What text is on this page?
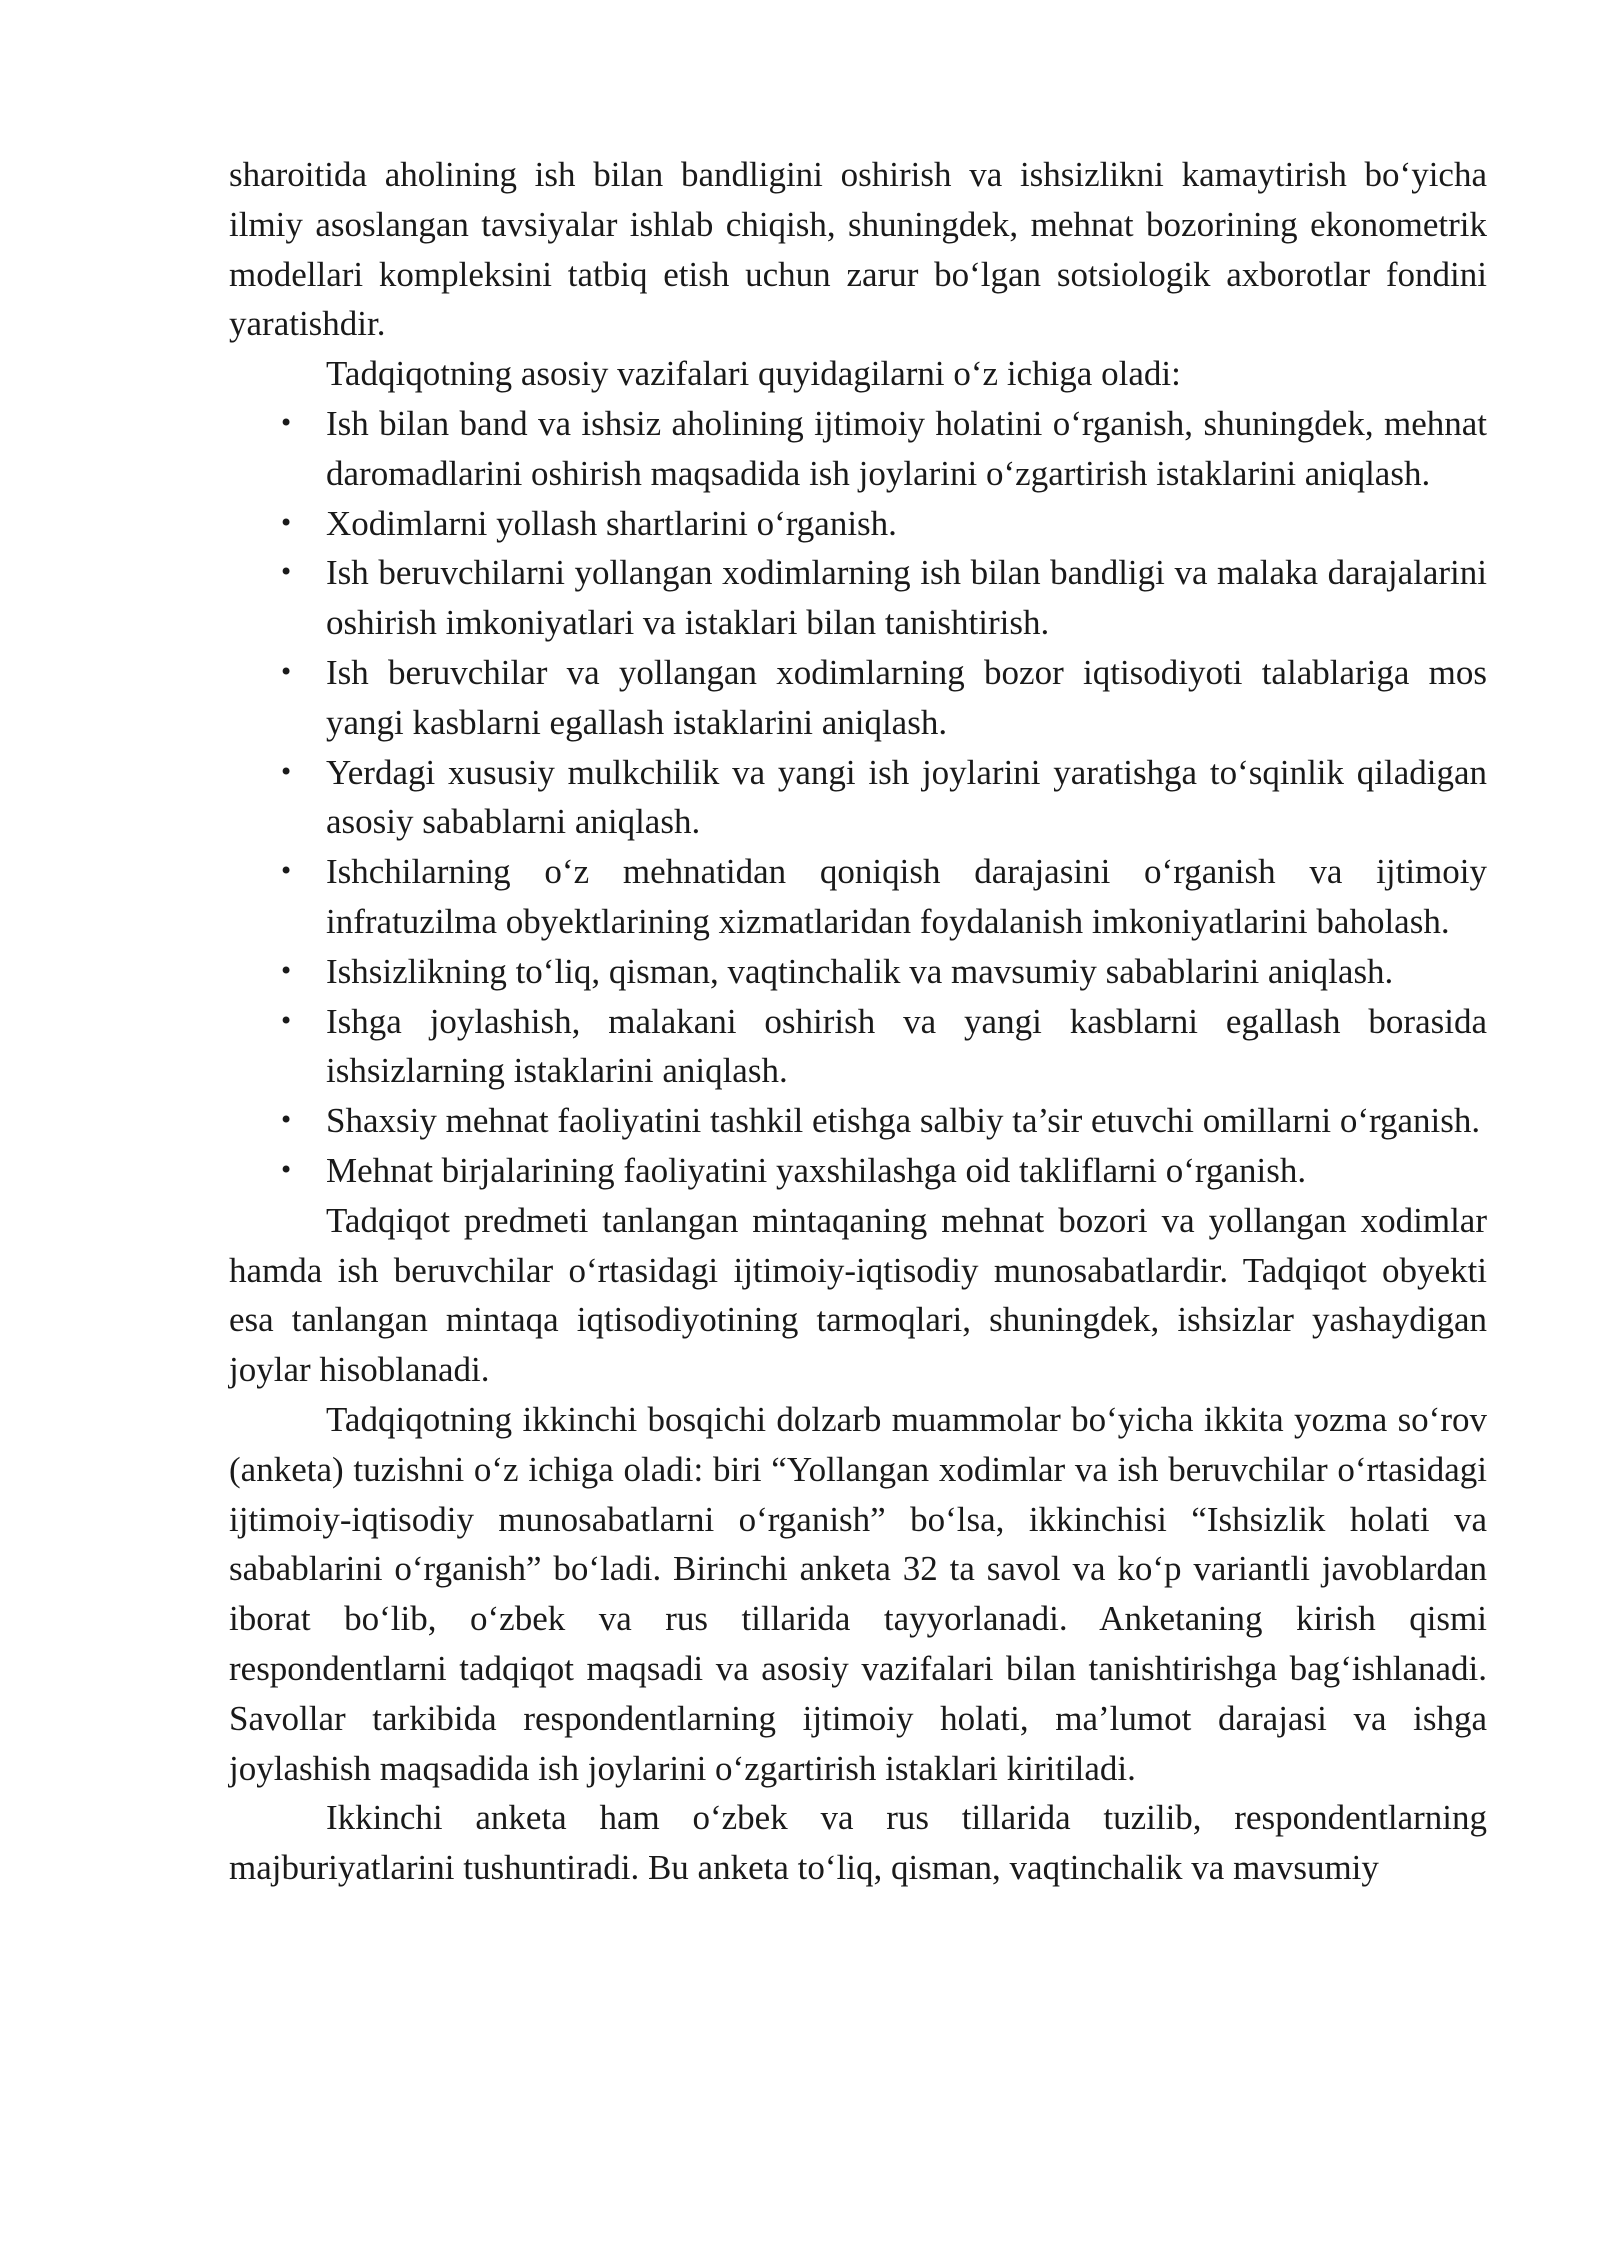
sharoitida aholining ish bilan bandligini oshirish va ishsizlikni kamaytirish bo‘yicha ilmiy asoslangan tavsiyalar ishlab chiqish, shuningdek, mehnat bozorining ekonometrik modellari kompleksini tatbiq etish uchun zarur bo‘lgan sotsiologik axborotlar fondini yaratishdir.

Tadqiqotning asosiy vazifalari quyidagilarni o‘z ichiga oladi:

• Ish bilan band va ishsiz aholining ijtimoiy holatini o‘rganish, shuningdek, mehnat daromadlarini oshirish maqsadida ish joylarini o‘zgartirish istaklarini aniqlash.
• Xodimlarni yollash shartlarini o‘rganish.
• Ish beruvchilarni yollangan xodimlarning ish bilan bandligi va malaka darajalarini oshirish imkoniyatlari va istaklari bilan tanishtirish.
• Ish beruvchilar va yollangan xodimlarning bozor iqtisodiyoti talablariga mos yangi kasblarni egallash istaklarini aniqlash.
• Yerdagi xususiy mulkchilik va yangi ish joylarini yaratishga to‘sqinlik qiladigan asosiy sabablarni aniqlash.
• Ishchilarning o‘z mehnatidan qoniqish darajasini o‘rganish va ijtimoiy infratuzilma obyektlarining xizmatlaridan foydalanish imkoniyatlarini baholash.
• Ishsizlikning to‘liq, qisman, vaqtinchalik va mavsumiy sabablarini aniqlash.
• Ishga joylashish, malakani oshirish va yangi kasblarni egallash borasida ishsizlarning istaklarini aniqlash.
• Shaxsiy mehnat faoliyatini tashkil etishga salbiy ta’sir etuvchi omillarni o‘rganish.
• Mehnat birjalarining faoliyatini yaxshilashga oid takliflarni o‘rganish.

Tadqiqot predmeti tanlangan mintaqaning mehnat bozori va yollangan xodimlar hamda ish beruvchilar o‘rtasidagi ijtimoiy-iqtisodiy munosabatlardir. Tadqiqot obyekti esa tanlangan mintaqa iqtisodiyotining tarmoqlari, shuningdek, ishsizlar yashaydigan joylar hisoblanadi.

Tadqiqotning ikkinchi bosqichi dolzarb muammolar bo‘yicha ikkita yozma so‘rov (anketa) tuzishni o‘z ichiga oladi: biri “Yollangan xodimlar va ish beruvchilar o‘rtasidagi ijtimoiy-iqtisodiy munosabatlarni o‘rganish” bo‘lsa, ikkinchisi “Ishsizlik holati va sabablarini o‘rganish” bo‘ladi. Birinchi anketa 32 ta savol va ko‘p variantli javoblardan iborat bo‘lib, o‘zbek va rus tillarida tayyorlanadi. Anketaning kirish qismi respondentlarni tadqiqot maqsadi va asosiy vazifalari bilan tanishtirishga bag‘ishlanadi. Savollar tarkibida respondentlarning ijtimoiy holati, ma’lumot darajasi va ishga joylashish maqsadida ish joylarini o‘zgartirish istaklari kiritiladi.

Ikkinchi anketa ham o‘zbek va rus tillarida tuzilib, respondentlarning majburiyatlarini tushuntiradi. Bu anketa to‘liq, qisman, vaqtinchalik va mavsumiy
